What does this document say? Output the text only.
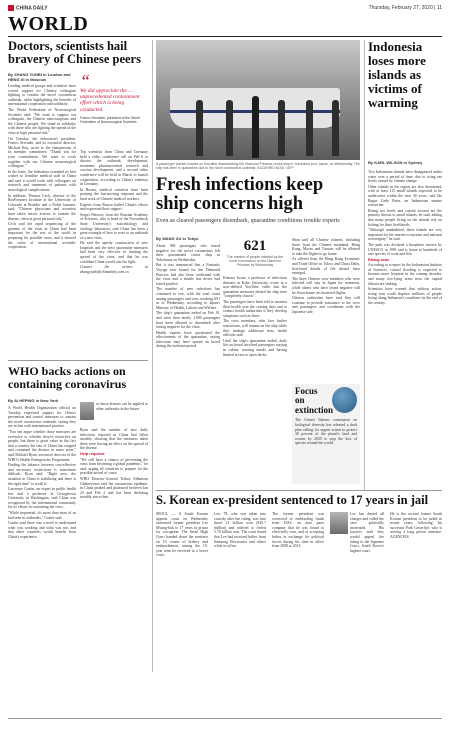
CHINA DAILY	Thursday, February 27, 2020 | 11
WORLD
Doctors, scientists hail bravery of Chinese peers
By ZHANG YUNBI in London and HENG XI in Moscow

Leading medical groups and scientists have voiced support for Chinese colleagues fighting to contain the novel coronavirus outbreak, while highlighting the benefits of international cooperation and solidarity.

The World Federation of Neurosurgical Societies said: "We want to support our colleagues, the Chinese neurosurgeons and the Chinese people. We stand in solidarity with those who are fighting the spread of the virus at high personal risk."

On Tuesday, the federation's president, Franco Servadei, and its executive director, Michael Ray, wrote to the chairpersons of its member committees: "Thank you for your commitment. We want to work together with our Chinese neurosurgical colleagues."

In the letter, the federation extended its best wishes to frontline medical staff in China and said it would work with colleagues on research and treatment of patients with neurological complications.

In addition, Thomas Cech, director of the BioFrontiers Institute at the University of Colorado at Boulder and a Nobel laureate, said: "Chinese physicians and scientists have taken heroic actions to contain the disease, often at great personal risk."

Cech said the rapid sequencing of the genome of the virus in China had been important for the rest of the world in preparing for possible cases, and it showed the value of international scientific cooperation.

“
We did appreciate the ... unprecedented containment effort which is being conducted.
Franco Servadei, president of the World Federation of Neurosurgical Societies

Top scientists from China and Germany held a video conference call on Feb 6 to discuss the outbreak, development, treatment, pharmaceutical research and vaccine development, and a second video conference will be held in March to launch cooperation, according to China's embassy in Germany.

In Russia, medical scientists have been praising the fast-moving response and the hard work of Chinese medical workers.

Experts from Russia hailed China's efforts and expressed their support.

Sergei Netesov, from the Russian Academy of Sciences, who is head of the Novosibirsk State University's microbiology and virology laboratory, said China has been a great example of how to react to an outbreak of a new virus.

He said the speedy construction of new hospitals and the strict quarantine measures had been very effective in limiting the spread of the virus, and that he was confident China would win the fight.

Contact the writers at zhangyunbi@chinadaily.com.cn

WHO backs actions on containing coronavirus
By AI HEPING in New York

A World Health Organization official on Tuesday expressed support for China's prevention and control measures to contain the novel coronavirus outbreak, saying they are in line with international practice.

"You can argue whether those measures are excessive or whether they're restrictive on people, but there is great value in the fact that a country the size of China has stopped and contained the disease in some areas," said Michael Ryan, executive director of the WHO's Health Emergencies Programme.

Finding the balance between cost-effective and necessary restrictions is sometimes difficult, Ryan said. "Right now, the situation in China is stabilizing and there is the right time" to recall it.

Lawrence Gostin, an expert in public health law and a professor at Georgetown University in Washington, said China was recognized by the international community for its efforts in containing the virus.

"While sequential, it's more than most of us had seen in outbreaks," Gostin said.

Gostin said there was a need to understand what was working and what was not, and that other countries would benefit from China's experience.

so those lessons can be applied to other outbreaks in the future.

Ryan said the number of new daily infections reported in China had fallen steadily, showing that the measures taken there were having an effect on the spread of the disease.

Help required

"We still have a chance of preventing the virus from becoming a global pandemic," he said, urging all countries to prepare for the possible arrival of cases.

WHO Director-General Tedros Adhanom Ghebreyesus said the coronavirus epidemic in China peaked and plateaued between Jan 23 and Feb 2 and has been declining steadily since then.

A passenger (center) leaves on foot after disembarking the Diamond Princess cruise ship in Yokohama port, Japan, on Wednesday. The ship has been in quarantine due to the novel coronavirus outbreak. KAZUHIRO NOGI / AFP
Fresh infections keep ship concerns high
Even as cleared passengers disembark, quarantine conditions trouble experts
By WANG XU in Tokyo

About 900 passengers who tested negative for the novel coronavirus left their quarantined cruise ship in Yokohama on Wednesday.

But it was announced that a Fantastic Voyage tour bound for the Diamond Princess had also been confirmed with the virus and a shuttle bus driver had tested positive.

The number of new infections has continued to rise, with the total count among passengers and crew reaching 691 as of Wednesday, according to Japan's Ministry of Health, Labour and Welfare.

The ship's quarantine ended on Feb 19, and since then nearly 1,000 passengers have been allowed to disembark after testing negative for the virus.

Health experts have questioned the effectiveness of the quarantine, saying infections may have spread on board during the isolation period.

621
The number of people infected by the novel coronavirus on the Diamond Princess by Wednesday

Kentaro Iwata, a professor of infectious diseases at Kobe University, wrote in a now-deleted YouTube video that the quarantine measures aboard the ship were "completely chaotic".

The passengers have been told to monitor their health over the coming days and to contact health authorities if they develop symptoms such as fever.

The crew members, who face further restrictions, will remain on the ship while they undergo additional tests, health officials said.

Until the ship's quarantine ended, daily life on board involved passengers staying in cabins, wearing masks and having limited access to open decks.

Shan said all Chinese citizens, including those from the Chinese mainland, Hong Kong, Macao and Taiwan, will be allowed to take the flights to go home.

As offered from the Hong Kong Economic and Trade Office in Tokyo and China Daily, first-hand details of life aboard have emerged.

The three Chinese crew members who were infected will stay in Japan for treatment, while others who have tested negative will be flown home on chartered flights.

Chinese authorities have said they will continue to provide assistance to the crew and passengers and coordinate with the Japanese side.

Focus on extinction
The United Nations convention on biological diversity has released a draft plan calling for urgent action to protect 30 percent of the planet's land and oceans by 2030 to stop the loss of species around the world.
Indonesia loses more islands as victims of warming
By KARL WILSON in Sydney

Two Indonesian islands have disappeared under water over a period of time, due to rising sea levels caused by climate change.

Other islands in the region are also threatened, with at least 115 small islands expected to be underwater within the next 30 years, said Ida Bagus Gede Putra, an Indonesian marine researcher.

Rising sea levels and coastal erosion are the primary threats to small islands, he said, adding that many people living on the islands rely on fishing for their livelihoods.

"Although uninhabited, these islands are very important for the marine ecosystem and national sovereignty," he said.

The park was declared a biosphere reserve by UNESCO in 1991 and is home to hundreds of rare species of coral and fish.

Rising seas

According to a report by the Indonesian Institute of Sciences, coastal flooding is expected to become more frequent in the coming decades, and many low-lying areas near the capital Jakarta are sinking.

Scientists have warned that without action, rising seas could displace millions of people living along Indonesia's coastlines by the end of the century.

S. Korean ex-president sentenced to 17 years in jail
SEOUL — A South Korean appeals court on Wednesday sentenced former president Lee Myung-bak to 17 years in prison for corruption. The Seoul High Court handed down the sentence on 10 counts of bribery and embezzlement, raising the 15-year term he received in a lower court.
Lee, 78, who was taken into custody after the ruling, was also fined 13 billion won ($10.7 million) and ordered to forfeit 5.78 billion won. The court found that Lee had received bribes from Samsung Electronics and others while in office.
The former president was convicted of embezzling funds from DAS, an auto parts company that he was found to effectively own, and of accepting bribes in exchange for political favors during his time in office from 2008 to 2013.
Lee has denied all charges and called the case politically motivated. His lawyers said they would appeal the ruling to the Supreme Court, South Korea's highest court.
He is the second former South Korean president to be jailed in recent years, following his successor Park Geun-hye, who is serving a long prison sentence. AGENCIES
